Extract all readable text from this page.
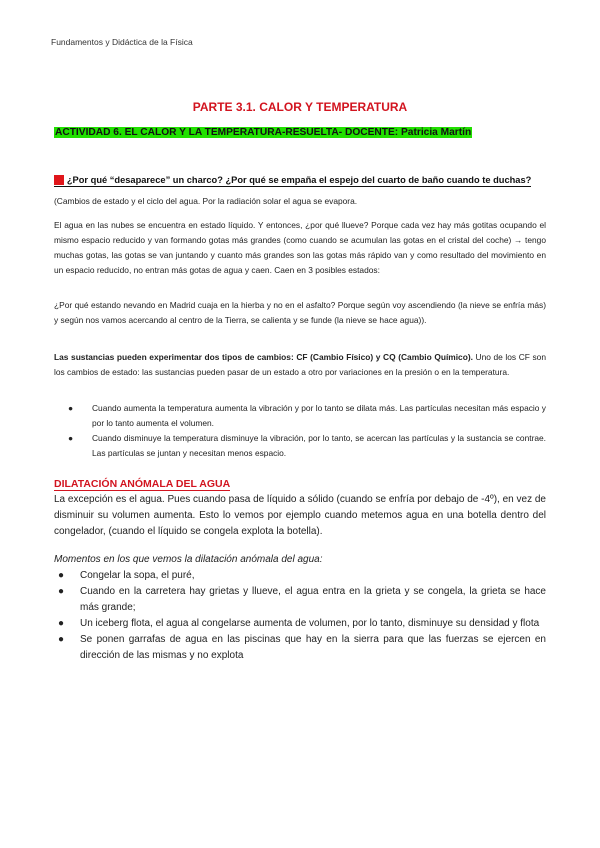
Fundamentos y Didáctica de la Física
PARTE 3.1. CALOR Y TEMPERATURA
ACTIVIDAD 6. EL CALOR Y LA TEMPERATURA-RESUELTA- DOCENTE: Patricia Martín
a) ¿Por qué “desaparece” un charco? ¿Por qué se empaña el espejo del cuarto de baño cuando te duchas?

(Cambios de estado y el ciclo del agua. Por la radiación solar el agua se evapora.

El agua en las nubes se encuentra en estado líquido. Y entonces, ¿por qué llueve? Porque cada vez hay más gotitas ocupando el mismo espacio reducido y van formando gotas más grandes (como cuando se acumulan las gotas en el cristal del coche) → tengo muchas gotas, las gotas se van juntando y cuanto más grandes son las gotas más rápido van y como resultado del movimiento en un espacio reducido, no entran más gotas de agua y caen. Caen en 3 posibles estados:

¿Por qué estando nevando en Madrid cuaja en la hierba y no en el asfalto? Porque según voy ascendiendo (la nieve se enfría más) y según nos vamos acercando al centro de la Tierra, se calienta y se funde (la nieve se hace agua)).

Las sustancias pueden experimentar dos tipos de cambios: CF (Cambio Físico) y CQ (Cambio Químico). Uno de los CF son los cambios de estado: las sustancias pueden pasar de un estado a otro por variaciones en la presión o en la temperatura.

● Cuando aumenta la temperatura aumenta la vibración y por lo tanto se dilata más. Las partículas necesitan más espacio y por lo tanto aumenta el volumen.
● Cuando disminuye la temperatura disminuye la vibración, por lo tanto, se acercan las partículas y la sustancia se contrae. Las partículas se juntan y necesitan menos espacio.
DILATACIÓN ANÓMALA DEL AGUA

La excepción es el agua. Pues cuando pasa de líquido a sólido (cuando se enfría por debajo de -4º), en vez de disminuir su volumen aumenta. Esto lo vemos por ejemplo cuando metemos agua en una botella dentro del congelador, (cuando el líquido se congela explota la botella).

Momentos en los que vemos la dilatación anómala del agua:

● Congelar la sopa, el puré,
● Cuando en la carretera hay grietas y llueve, el agua entra en la grieta y se congela, la grieta se hace más grande;
● Un iceberg flota, el agua al congelarse aumenta de volumen, por lo tanto, disminuye su densidad y flota
● Se ponen garrafas de agua en las piscinas que hay en la sierra para que las fuerzas se ejercen en dirección de las mismas y no explota
